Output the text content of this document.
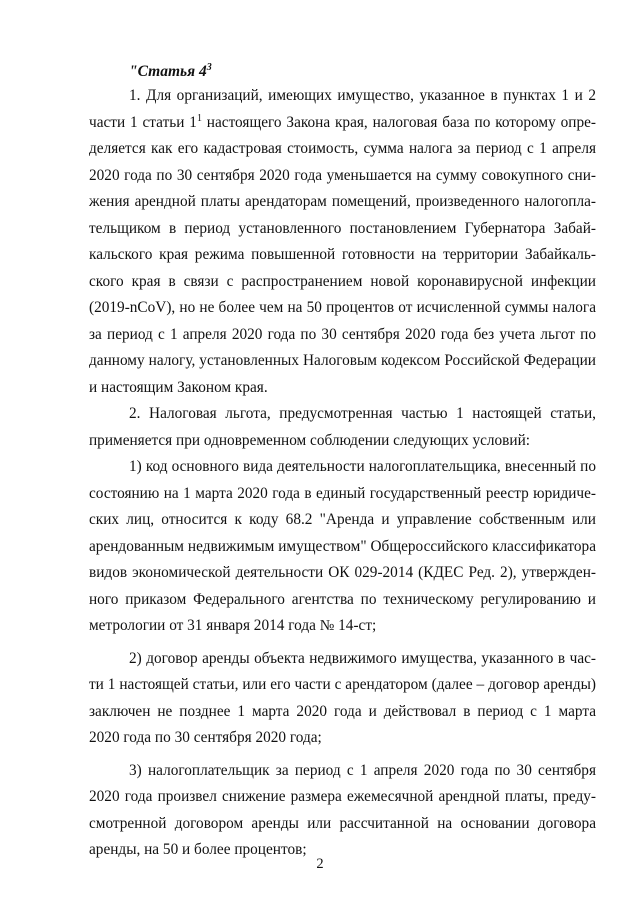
"Статья $4^3$
1. Для организаций, имеющих имущество, указанное в пунктах 1 и 2
части 1 статьи $1^1$ настоящего Закона края, налоговая база по которому опре-
деляется как его кадастровая стоимость, сумма налога за период с 1 апреля
2020 года по 30 сентября 2020 года уменьшается на сумму совокупного сни-
жения арендной платы арендаторам помещений, произведенного налогопла-
тельщиком в период установленного постановлением Губернатора Забай-
кальского края режима повышенной готовности на территории Забайкаль-
ского края в связи с распространением новой коронавирусной инфекции
(2019-nCoV), но не более чем на 50 процентов от исчисленной суммы налога
за период с 1 апреля 2020 года по 30 сентября 2020 года без учета льгот по
данному налогу, установленных Налоговым кодексом Российской Федерации
и настоящим Законом края.
2. Налоговая льгота, предусмотренная частью 1 настоящей статьи,
применяется при одновременном соблюдении следующих условий:
1) код основного вида деятельности налогоплательщика, внесенный по
состоянию на 1 марта 2020 года в единый государственный реестр юридиче-
ских лиц, относится к коду 68.2 "Аренда и управление собственным или
арендованным недвижимым имуществом" Общероссийского классификатора
видов экономической деятельности ОК 029-2014 (КДЕС Ред. 2), утвержден-
ного приказом Федерального агентства по техническому регулированию и
метрологии от 31 января 2014 года № 14-ст;
2) договор аренды объекта недвижимого имущества, указанного в час-
ти 1 настоящей статьи, или его части с арендатором (далее – договор аренды)
заключен не позднее 1 марта 2020 года и действовал в период с 1 марта
2020 года по 30 сентября 2020 года;
3) налогоплательщик за период с 1 апреля 2020 года по 30 сентября
2020 года произвел снижение размера ежемесячной арендной платы, преду-
смотренной договором аренды или рассчитанной на основании договора
аренды, на 50 и более процентов;
2
